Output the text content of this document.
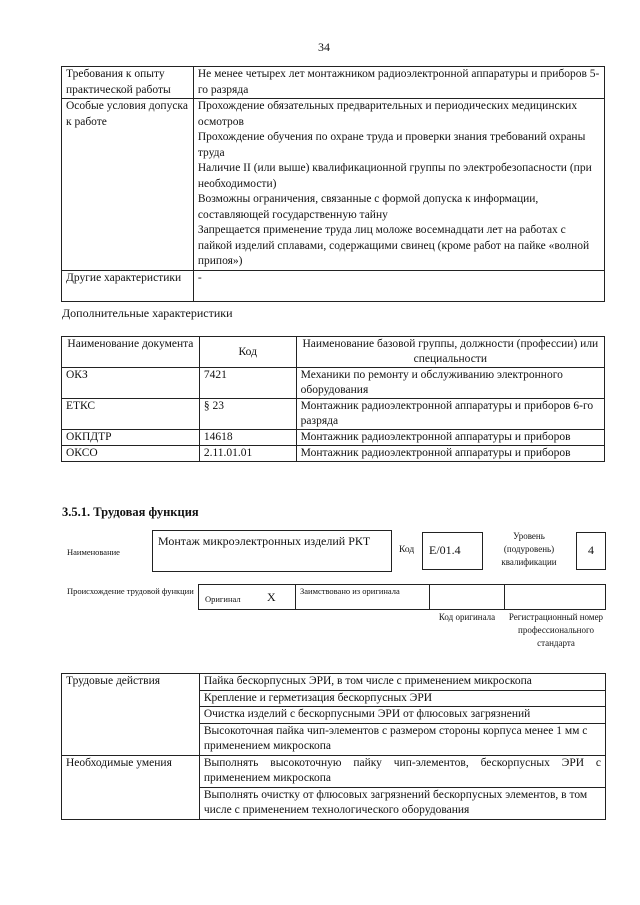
34
Требования к опыту практической работы	Не менее четырех лет монтажником радиоэлектронной аппаратуры и приборов 5-го разряда

Особые условия допуска к работе	Прохождение обязательных предварительных и периодических медицинских осмотров
Прохождение обучения по охране труда и проверки знания требований охраны труда
Наличие II (или выше) квалификационной группы по электробезопасности (при необходимости)
Возможны ограничения, связанные с формой допуска к информации, составляющей государственную тайну
Запрещается применение труда лиц моложе восемнадцати лет на работах с пайкой изделий сплавами, содержащими свинец (кроме работ на пайке «волной припоя»)

Другие характеристики	-
Дополнительные характеристики
Наименование документа	Код	Наименование базовой группы, должности (профессии) или специальности
ОКЗ	7421	Механики по ремонту и обслуживанию электронного оборудования
ЕТКС	§ 23	Монтажник радиоэлектронной аппаратуры и приборов 6-го разряда
ОКПДТР	14618	Монтажник радиоэлектронной аппаратуры и приборов
ОКСО	2.11.01.01	Монтажник радиоэлектронной аппаратуры и приборов
3.5.1. Трудовая функция
Наименование
Монтаж микроэлектронных изделий РКТ
Код	E/01.4
Уровень (подуровень) квалификации
4
Происхождение трудовой функции
Оригинал X	Заимствовано из оригинала
Код оригинала	Регистрационный номер профессионального стандарта
Трудовые действия	Пайка бескорпусных ЭРИ, в том числе с применением микроскопа
	Крепление и герметизация бескорпусных ЭРИ
	Очистка изделий с бескорпусными ЭРИ от флюсовых загрязнений
	Высокоточная пайка чип-элементов с размером стороны корпуса менее 1 мм с применением микроскопа
Необходимые умения	Выполнять высокоточную пайку чип-элементов, бескорпусных ЭРИ с применением микроскопа
	Выполнять очистку от флюсовых загрязнений бескорпусных элементов, в том числе с применением технологического оборудования
